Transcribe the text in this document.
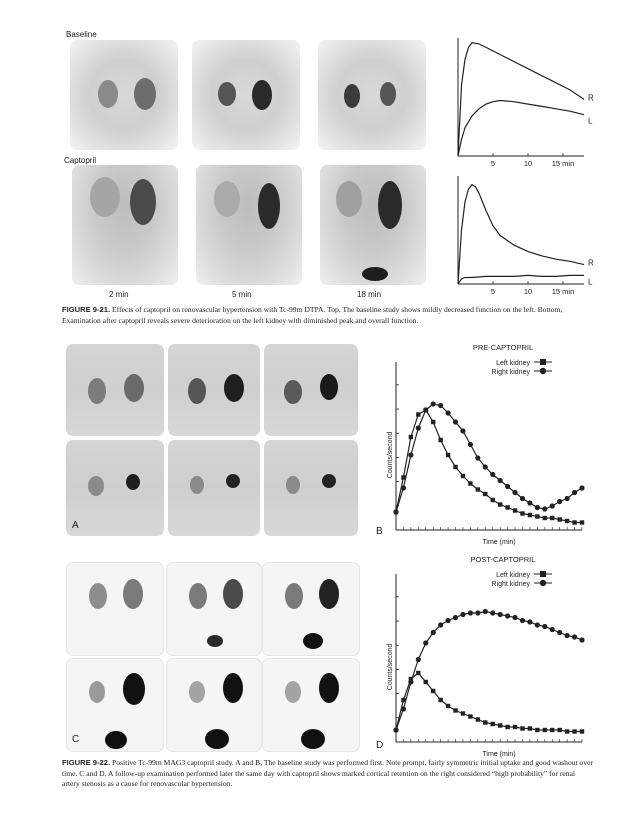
Baseline
Captopril
2 min	5 min	18 min
5	10	15 min
R
L
5	10	15 min
R
L
FIGURE 9-21. Effects of captopril on renovascular hypertension with Tc-99m DTPA. Top, The baseline study shows mildly decreased function on the left. Bottom, Examination after captopril reveals severe deterioration on the left kidney with diminished peak and overall function.
A
C
PRE-CAPTOPRIL
Time (min)
Counts/second
Left kidney
Right kidney
B
POST-CAPTOPRIL
Time (min)
Counts/second
Left kidney
Right kidney
D
FIGURE 9-22. Positive Tc-99m MAG3 captopril study. A and B, The baseline study was performed first. Note prompt, fairly symmetric initial uptake and good washout over time. C and D, A follow-up examination performed later the same day with captopril shows marked cortical retention on the right considered “high probability” for renal artery stenosis as a cause for renovascular hypertension.
